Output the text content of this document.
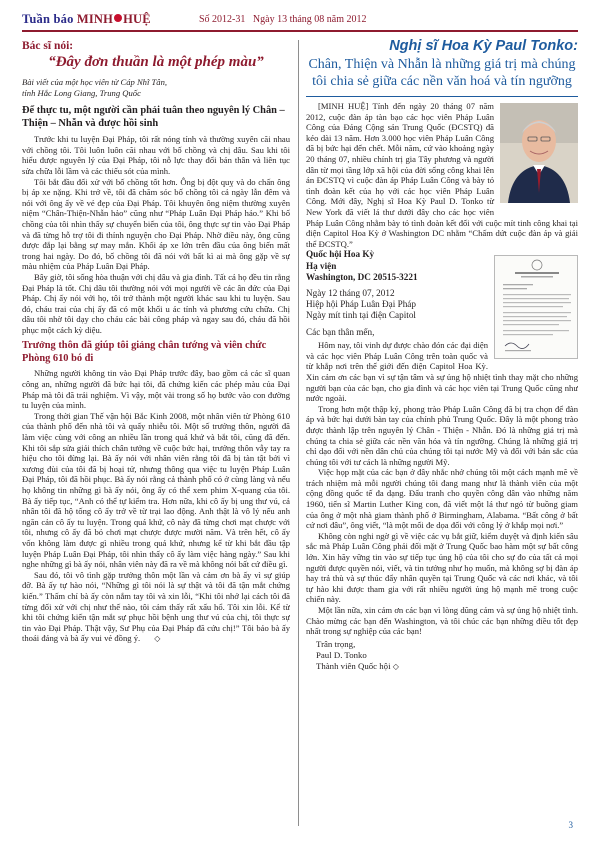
Tuần báo MINH HUỆ	Số 2012-31 Ngày 13 tháng 08 năm 2012
Bác sĩ nói:
“Đây đơn thuần là một phép màu”
Bài viết của một học viên từ Cáp Nhĩ Tân,
tỉnh Hắc Long Giang, Trung Quốc
Để thực tu, một người cần phải tuân theo nguyên lý Chân – Thiện – Nhẫn và được hồi sinh

Trước khi tu luyện Đại Pháp, tôi rất nóng tính và thường xuyên cãi nhau với chồng tôi. Tôi luôn luôn cãi nhau với bố chồng và chị dâu. Sau khi tôi hiểu được nguyên lý của Đại Pháp, tôi nỗ lực thay đổi bản thân và liên tục sửa chữa lỗi lầm và các thiếu sót của mình.

Tôi bắt đầu đối xử với bố chồng tốt hơn. Ông bị đột quỵ và do chấn ông bị áp xe nặng. Khi trở về, tôi đã chăm sóc bố chồng tôi cả ngày lẫn đêm và nói với ông ấy về vẻ đẹp của Đại Pháp. Tôi khuyên ông niệm thường xuyên niệm “Chân-Thiện-Nhẫn hảo” cũng như “Pháp Luân Đại Pháp hảo.” Khi bố chồng của tôi nhìn thấy sự chuyển biến của tôi, ông thực sự tin vào Đại Pháp và đã từng hỗ trợ tôi đi thỉnh nguyện cho Đại Pháp. Nhờ điều này, ông cũng được đắp lại bằng sự may mắn. Khối áp xe lớn trên đầu của ông biến mất trong hai ngày. Do đó, bố chồng tôi đã nói với bất kì ai mà ông gặp về sự màu nhiệm của Pháp Luân Đại Pháp.

Bây giờ, tôi sống hòa thuận với chị dâu và gia đình. Tất cả họ đều tin rằng Đại Pháp là tốt. Chị dâu tôi thường nói với mọi người về các ân đức của Đại Pháp. Chị ấy nói với họ, tôi trở thành một người khác sau khi tu luyện. Sau đó, cháu trai của chị ấy đã có một khối u ác tính và phương cứu chữa. Chị dâu tôi nhờ tôi dạy cho cháu các bài công pháp và ngay sau đó, cháu đã hồi phục một cách kỳ diệu.

Trưởng thôn đã giúp tôi giảng chân tướng và viên chức Phòng 610 bó đi

Những người không tin vào Đại Pháp trước đây, bao gồm cả các sĩ quan công an, những người đã bức hại tôi, đã chứng kiến các phép màu của Đại Pháp mà tôi đã trải nghiệm. Vì vậy, một vài trong số họ bước vào con đường tu luyện của mình.

Trong thời gian Thế vận hội Bắc Kinh 2008, một nhân viên từ Phòng 610 của thành phố đến nhà tôi và quấy nhiễu tôi. Một số trưởng thôn, người đã làm việc cùng với công an nhiều lần trong quá khứ và bắt tôi, cũng đã đến. Khi tôi sắp sửa giải thích chân tướng về cuộc bức hại, trưởng thôn vẫy tay ra hiệu cho tôi đừng lại. Bà ấy nói với nhân viên rằng tôi đã bị tàn tật bởi vì xương đùi của tôi đã bị hoại tử, nhưng thông qua việc tu luyện Pháp Luân Đại Pháp, tôi đã hồi phục. Bà ấy nói rằng cả thành phố có ở cùng làng và nếu họ không tin những gì bà ấy nói, ông ấy có thể xem phim X-quang của tôi. Bà ấy tiếp tục, “Anh có thể tự kiểm tra. Hơn nữa, khi cô ấy bị ung thư vú, cả nhân tôi đã hộ tống cô ấy trở về từ trại lao động. Anh thật là vô lý nếu anh ngăn cản cô ấy tu luyện. Trong quá khứ, cô này đã từng chơi mạt chược với tôi, nhưng cô ấy đã bỏ chơi mạt chược được mười năm. Và trên hết, cô ấy vốn không làm được gì nhiều trong quá khứ, nhưng kể từ khi bắt đầu tập luyện Pháp Luân Đại Pháp, tôi nhìn thấy cô ấy làm việc hàng ngày.” Sau khi nghe những gì bà ấy nói, nhân viên này đã ra về mà không nói bất cứ điều gì.

Sau đó, tôi vô tình gặp trưởng thôn một lần và cảm ơn bà ấy vì sự giúp đỡ. Bà ấy tự hào nói, “Những gì tôi nói là sự thật và tôi đã tận mắt chứng kiến.” Thấm chí bà ấy còn nắm tay tôi và xin lỗi, “Khi tôi nhớ lại cách tôi đã từng đối xử với chị như thế nào, tôi cảm thấy rất xấu hổ. Tôi xin lỗi. Kể từ khi tôi chứng kiến tận mắt sự phục hồi bệnh ung thư vú của chị, tôi thực sự tin vào Đại Pháp. Thật vậy, Sư Phụ của Đại Pháp đã cứu chị!” Tôi bảo bà ấy thoái đảng và bà ấy vui vẻ đồng ý. ◇

Nghị sĩ Hoa Kỳ Paul Tonko:
Chân, Thiện và Nhẫn là những giá trị mà chúng tôi chia sẻ giữa các nền văn hoá và tín ngưỡng

[MINH HUỆ] Tính đến ngày 20 tháng 07 năm 2012, cuộc đàn áp tàn bạo các học viên Pháp Luân Công của Đảng Cộng sản Trung Quốc (ĐCSTQ) đã kéo dài 13 năm. Hơn 3.000 học viên Pháp Luân Công đã bị bức hại đến chết. Mỗi năm, cứ vào khoảng ngày 20 tháng 07, nhiều chính trị gia Tây phương và người dân từ mọi tầng lớp xã hội của đời sống công khai lên án ĐCSTQ vì cuộc đàn áp Pháp Luân Công và bày tỏ tình đoàn kết của họ với các học viên Pháp Luân Công. Mới đây, Nghị sĩ Hoa Kỳ Paul D. Tonko từ New York đã viết lá thư dưới đây cho các học viên Pháp Luân Công nhằm bày tỏ tình đoàn kết đối với cuộc mít tinh công khai tại điện Capitol Hoa Kỳ ở Washington DC nhằm “Chấm dứt cuộc đàn áp và giải thể ĐCSTQ.”

Quốc hội Hoa Kỳ
Hạ viện
Washington, DC 20515-3221
Ngày 12 tháng 07, 2012
Hiệp hội Pháp Luân Đại Pháp
Ngày mít tinh tại điện Capitol
Các bạn thân mến,

Hôm nay, tôi vinh dự được chào đón các đại diện và các học viên Pháp Luân Công trên toàn quốc và từ khắp nơi trên thế giới đến điện Capitol Hoa Kỳ. Xin cảm ơn các bạn vì sự tận tâm và sự ủng hộ nhiệt tình thay mặt cho những người bạn của các bạn, cho gia đình và các học viên tại Trung Quốc cũng như nước ngoài.

Trong hơn một thập kỷ, phong trào Pháp Luân Công đã bị tra chọn để đàn áp và bức hại dưới bàn tay của chính phủ Trung Quốc. Đây là một phong trào được thành lập trên nguyên lý Chân - Thiện - Nhẫn. Đó là những giá trị mà chúng ta chia sẻ giữa các nền văn hóa và tín ngưỡng. Chúng là những giá trị chỉ dạo đối với nền dân chủ của chúng tôi tại nước Mỹ và đối với bản sắc của chúng tôi với tư cách là những người Mỹ.

Việc họp mặt của các bạn ở đây nhắc nhở chúng tôi một cách mạnh mẽ về trách nhiệm mà mỗi người chúng tôi đang mang như là thành viên của một cộng đồng quốc tế đa dạng. Đấu tranh cho quyền công dân vào những năm 1960, tiến sĩ Martin Luther King con, đã viết một lá thư ngỏ từ buồng giam của ông ở một nhà giam thành phố ở Birmingham, Alabama. “Bất công ở bất cứ nơi đâu”, ông viết, “là một mối đe dọa đối với công lý ở khắp mọi nơi.”

Không còn nghi ngờ gì về việc các vụ bắt giữ, kiểm duyệt và định kiến sâu sắc mà Pháp Luân Công phải đối mặt ở Trung Quốc bao hàm một sự bất công lớn. Xin hãy vững tin vào sự tiếp tục ủng hộ của tôi cho sự đo của tất cả mọi người được quyền nói, viết, và tin tưởng như họ muốn, mà không sợ bị đàn áp hay trả thù và sự thúc đẩy nhân quyền tại Trung Quốc và các nơi khác, và tôi tự hào khi được tham gia với rất nhiều người ủng hộ mạnh mẽ trong cuộc chiến này.

Một lần nữa, xin cảm ơn các bạn vì lòng dũng cảm và sự ủng hộ nhiệt tình. Chào mừng các bạn đến Washington, và tôi chúc các bạn những điều tốt đẹp nhất trong sự nghiệp của các bạn!

Trân trọng,
Paul D. Tonko
Thành viên Quốc hội ◇
3
